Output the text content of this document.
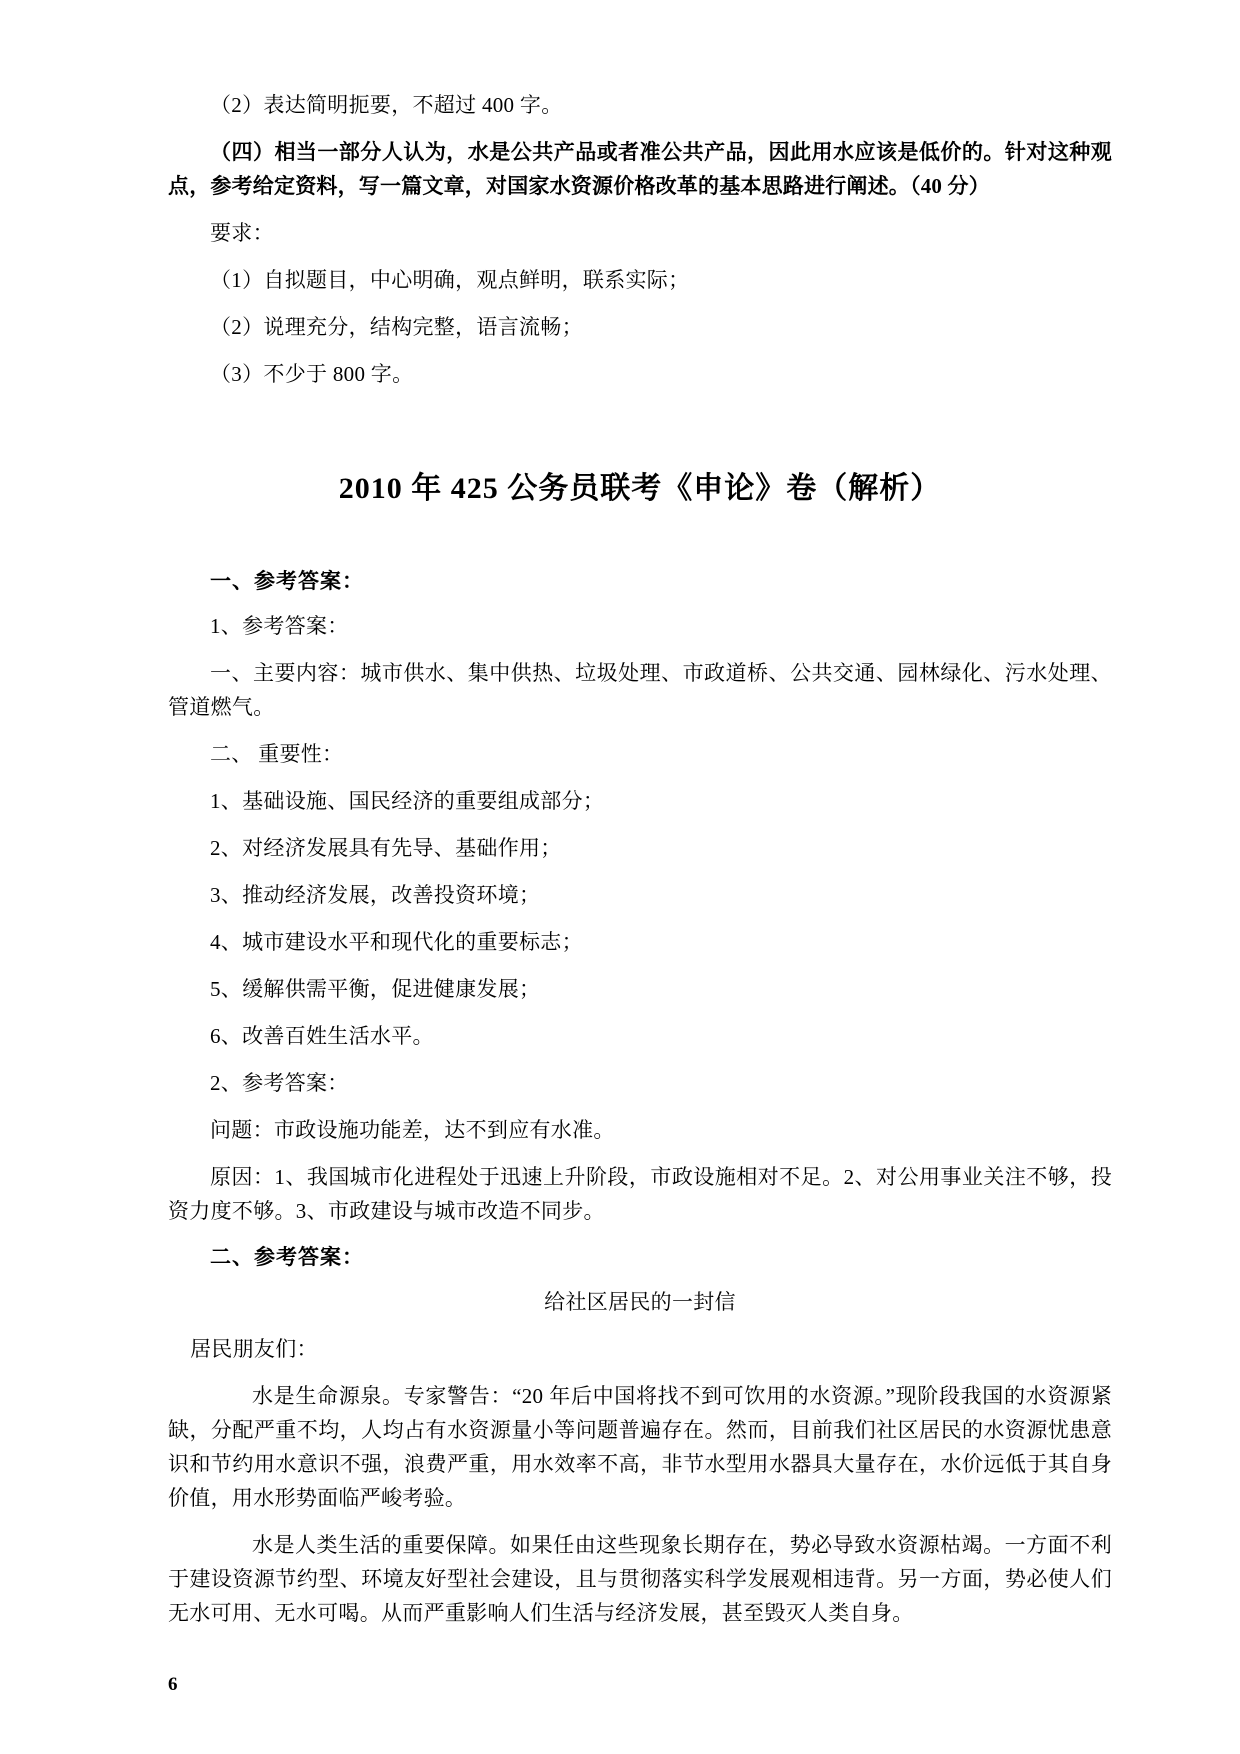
（2）表达简明扼要，不超过 400 字。

（四）相当一部分人认为，水是公共产品或者准公共产品，因此用水应该是低价的。针对这种观点，参考给定资料，写一篇文章，对国家水资源价格改革的基本思路进行阐述。（40 分）

要求：

（1）自拟题目，中心明确，观点鲜明，联系实际；

（2）说理充分，结构完整，语言流畅；

（3）不少于 800 字。

2010 年 425 公务员联考《申论》卷（解析）

一、参考答案：

1、参考答案：

一、主要内容：城市供水、集中供热、垃圾处理、市政道桥、公共交通、园林绿化、污水处理、管道燃气。

二、 重要性：

1、基础设施、国民经济的重要组成部分；

2、对经济发展具有先导、基础作用；

3、推动经济发展，改善投资环境；

4、城市建设水平和现代化的重要标志；

5、缓解供需平衡，促进健康发展；

6、改善百姓生活水平。

2、参考答案：

问题：市政设施功能差，达不到应有水准。

原因：1、我国城市化进程处于迅速上升阶段，市政设施相对不足。2、对公用事业关注不够，投资力度不够。3、市政建设与城市改造不同步。

二、参考答案：

给社区居民的一封信

居民朋友们：

水是生命源泉。专家警告：“20 年后中国将找不到可饮用的水资源。”现阶段我国的水资源紧缺，分配严重不均，人均占有水资源量小等问题普遍存在。然而，目前我们社区居民的水资源忧患意识和节约用水意识不强，浪费严重，用水效率不高，非节水型用水器具大量存在，水价远低于其自身价值，用水形势面临严峻考验。

水是人类生活的重要保障。如果任由这些现象长期存在，势必导致水资源枯竭。一方面不利于建设资源节约型、环境友好型社会建设，且与贯彻落实科学发展观相违背。另一方面，势必使人们无水可用、无水可喝。从而严重影响人们生活与经济发展，甚至毁灭人类自身。

6
